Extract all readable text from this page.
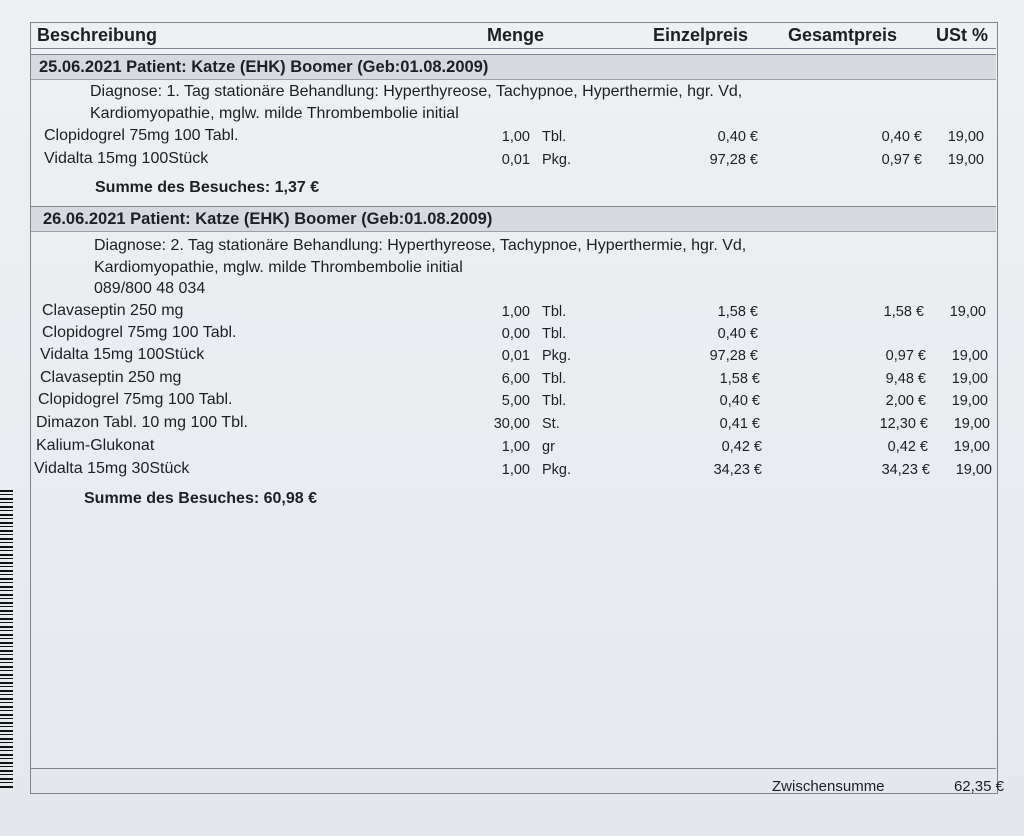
Beschreibung	Menge	Einzelpreis Gesamtpreis USt %
25.06.2021 Patient: Katze (EHK) Boomer (Geb:01.08.2009)
Diagnose: 1. Tag stationäre Behandlung: Hyperthyreose, Tachypnoe, Hyperthermie, hgr. Vd,
Kardiomyopathie, mglw. milde Thrombembolie initial
Clopidogrel 75mg 100 Tabl.	1,00 Tbl.	0,40 €	0,40 €	19,00
Vidalta 15mg 100Stück	0,01 Pkg.	97,28 €	0,97 €	19,00
Summe des Besuches: 1,37 €
26.06.2021 Patient: Katze (EHK) Boomer (Geb:01.08.2009)
Diagnose: 2. Tag stationäre Behandlung: Hyperthyreose, Tachypnoe, Hyperthermie, hgr. Vd,
Kardiomyopathie, mglw. milde Thrombembolie initial
089/800 48 034
Clavaseptin 250 mg	1,00 Tbl.	1,58 €	1,58 €	19,00
Clopidogrel 75mg 100 Tabl.	0,00 Tbl.	0,40 €
Vidalta 15mg 100Stück	0,01 Pkg.	97,28 €	0,97 €	19,00
Clavaseptin 250 mg	6,00 Tbl.	1,58 €	9,48 €	19,00
Clopidogrel 75mg 100 Tabl.	5,00 Tbl.	0,40 €	2,00 €	19,00
Dimazon Tabl. 10 mg 100 Tbl.	30,00 St.	0,41 €	12,30 €	19,00
Kalium-Glukonat	1,00 gr	0,42 €	0,42 €	19,00
Vidalta 15mg 30Stück	1,00 Pkg.	34,23 €	34,23 €	19,00
Summe des Besuches: 60,98 €
Zwischensumme	62,35 €
